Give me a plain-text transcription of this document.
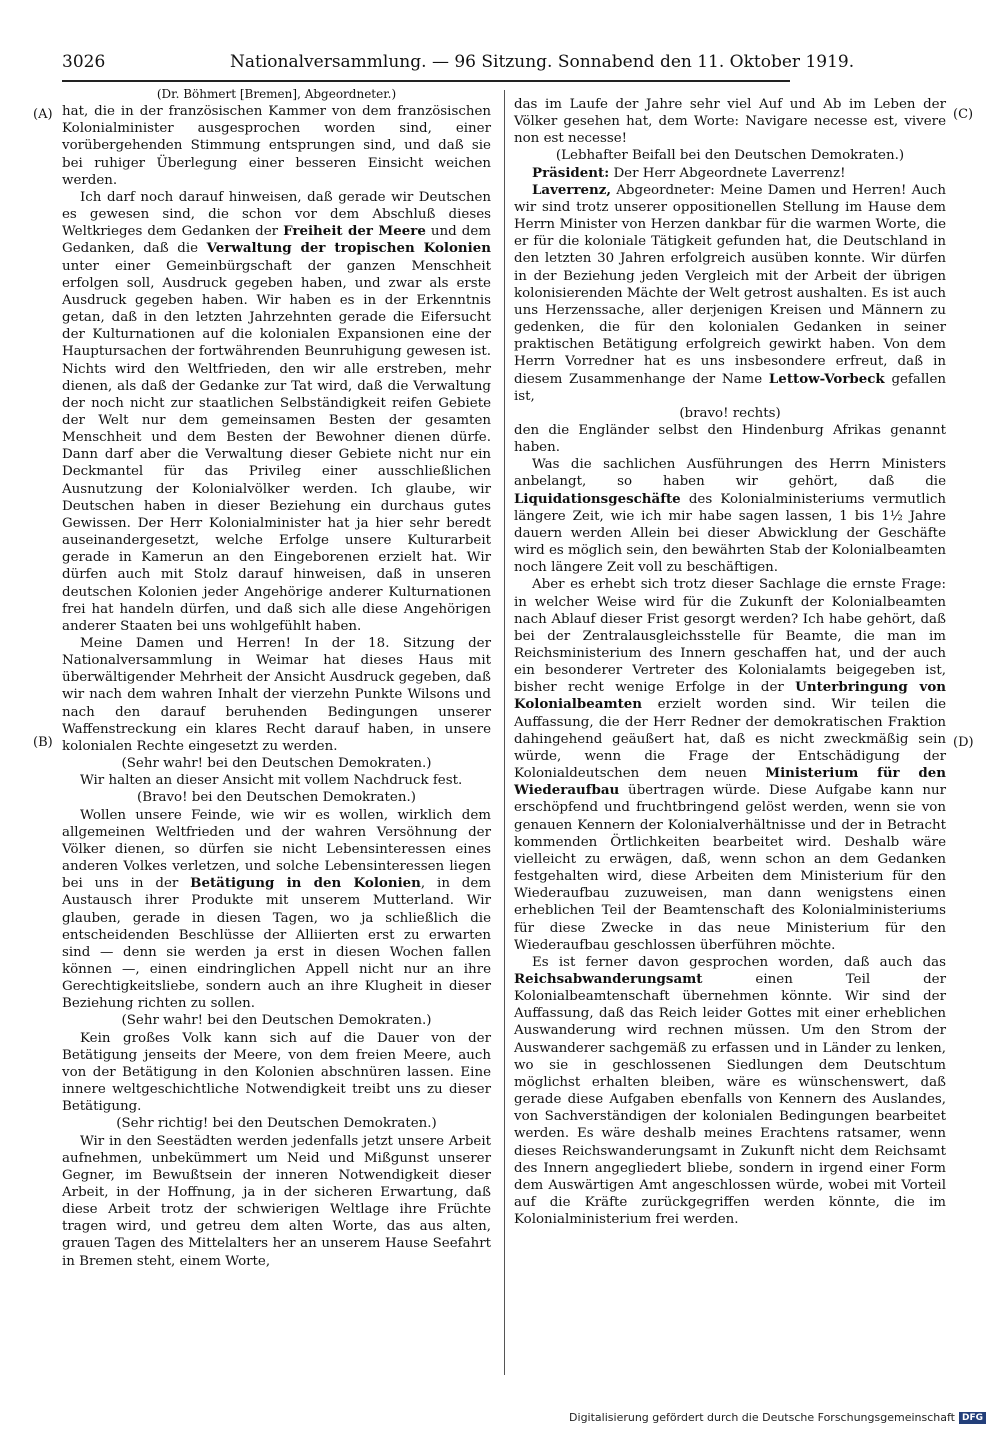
3026	Nationalversammlung. — 96 Sitzung. Sonnabend den 11. Oktober 1919.
(A)
(B)
(C)
(D)

(Dr. Böhmert [Bremen], Abgeordneter.)

hat, die in der französischen Kammer von dem französischen Kolonialminister ausgesprochen worden sind, einer vorübergehenden Stimmung entsprungen sind, und daß sie bei ruhiger Überlegung einer besseren Einsicht weichen werden.

Ich darf noch darauf hinweisen, daß gerade wir Deutschen es gewesen sind, die schon vor dem Abschluß dieses Weltkrieges dem Gedanken der Freiheit der Meere und dem Gedanken, daß die Verwaltung der tropischen Kolonien unter einer Gemeinbürgschaft der ganzen Menschheit erfolgen soll, Ausdruck gegeben haben, und zwar als erste Ausdruck gegeben haben. Wir haben es in der Erkenntnis getan, daß in den letzten Jahrzehnten gerade die Eifersucht der Kulturnationen auf die kolonialen Expansionen eine der Hauptursachen der fortwährenden Beunruhigung gewesen ist. Nichts wird den Weltfrieden, den wir alle erstreben, mehr dienen, als daß der Gedanke zur Tat wird, daß die Verwaltung der noch nicht zur staatlichen Selbständigkeit reifen Gebiete der Welt nur dem gemeinsamen Besten der gesamten Menschheit und dem Besten der Bewohner dienen dürfe. Dann darf aber die Verwaltung dieser Gebiete nicht nur ein Deckmantel für das Privileg einer ausschließlichen Ausnutzung der Kolonialvölker werden. Ich glaube, wir Deutschen haben in dieser Beziehung ein durchaus gutes Gewissen. Der Herr Kolonialminister hat ja hier sehr beredt auseinandergesetzt, welche Erfolge unsere Kulturarbeit gerade in Kamerun an den Eingeborenen erzielt hat. Wir dürfen auch mit Stolz darauf hinweisen, daß in unseren deutschen Kolonien jeder Angehörige anderer Kulturnationen frei hat handeln dürfen, und daß sich alle diese Angehörigen anderer Staaten bei uns wohlgefühlt haben.

Meine Damen und Herren! In der 18. Sitzung der Nationalversammlung in Weimar hat dieses Haus mit überwältigender Mehrheit der Ansicht Ausdruck gegeben, daß wir nach dem wahren Inhalt der vierzehn Punkte Wilsons und nach den darauf beruhenden Bedingungen unserer Waffenstreckung ein klares Recht darauf haben, in unsere kolonialen Rechte eingesetzt zu werden.

(Sehr wahr! bei den Deutschen Demokraten.)

Wir halten an dieser Ansicht mit vollem Nachdruck fest.

(Bravo! bei den Deutschen Demokraten.)

Wollen unsere Feinde, wie wir es wollen, wirklich dem allgemeinen Weltfrieden und der wahren Versöhnung der Völker dienen, so dürfen sie nicht Lebensinteressen eines anderen Volkes verletzen, und solche Lebensinteressen liegen bei uns in der Betätigung in den Kolonien, in dem Austausch ihrer Produkte mit unserem Mutterland. Wir glauben, gerade in diesen Tagen, wo ja schließlich die entscheidenden Beschlüsse der Alliierten erst zu erwarten sind — denn sie werden ja erst in diesen Wochen fallen können —, einen eindringlichen Appell nicht nur an ihre Gerechtigkeitsliebe, sondern auch an ihre Klugheit in dieser Beziehung richten zu sollen.

(Sehr wahr! bei den Deutschen Demokraten.)

Kein großes Volk kann sich auf die Dauer von der Betätigung jenseits der Meere, von dem freien Meere, auch von der Betätigung in den Kolonien abschnüren lassen. Eine innere weltgeschichtliche Notwendigkeit treibt uns zu dieser Betätigung.

(Sehr richtig! bei den Deutschen Demokraten.)

Wir in den Seestädten werden jedenfalls jetzt unsere Arbeit aufnehmen, unbekümmert um Neid und Mißgunst unserer Gegner, im Bewußtsein der inneren Notwendigkeit dieser Arbeit, in der Hoffnung, ja in der sicheren Erwartung, daß diese Arbeit trotz der schwierigen Weltlage ihre Früchte tragen wird, und getreu dem alten Worte, das aus alten, grauen Tagen des Mittelalters her an unserem Hause Seefahrt in Bremen steht, einem Worte,

das im Laufe der Jahre sehr viel Auf und Ab im Leben der Völker gesehen hat, dem Worte: Navigare necesse est, vivere non est necesse!

(Lebhafter Beifall bei den Deutschen Demokraten.)

Präsident: Der Herr Abgeordnete Laverrenz!

Laverrenz, Abgeordneter: Meine Damen und Herren! Auch wir sind trotz unserer oppositionellen Stellung im Hause dem Herrn Minister von Herzen dankbar für die warmen Worte, die er für die koloniale Tätigkeit gefunden hat, die Deutschland in den letzten 30 Jahren erfolgreich ausüben konnte. Wir dürfen in der Beziehung jeden Vergleich mit der Arbeit der übrigen kolonisierenden Mächte der Welt getrost aushalten. Es ist auch uns Herzenssache, aller derjenigen Kreisen und Männern zu gedenken, die für den kolonialen Gedanken in seiner praktischen Betätigung erfolgreich gewirkt haben. Von dem Herrn Vorredner hat es uns insbesondere erfreut, daß in diesem Zusammenhange der Name Lettow-Vorbeck gefallen ist,

(bravo! rechts)

den die Engländer selbst den Hindenburg Afrikas genannt haben.

Was die sachlichen Ausführungen des Herrn Ministers anbelangt, so haben wir gehört, daß die Liquidationsgeschäfte des Kolonialministeriums vermutlich längere Zeit, wie ich mir habe sagen lassen, 1 bis 1½ Jahre dauern werden Allein bei dieser Abwicklung der Geschäfte wird es möglich sein, den bewährten Stab der Kolonialbeamten noch längere Zeit voll zu beschäftigen.

Aber es erhebt sich trotz dieser Sachlage die ernste Frage: in welcher Weise wird für die Zukunft der Kolonialbeamten nach Ablauf dieser Frist gesorgt werden? Ich habe gehört, daß bei der Zentralausgleichsstelle für Beamte, die man im Reichsministerium des Innern geschaffen hat, und der auch ein besonderer Vertreter des Kolonialamts beigegeben ist, bisher recht wenige Erfolge in der Unterbringung von Kolonialbeamten erzielt worden sind. Wir teilen die Auffassung, die der Herr Redner der demokratischen Fraktion dahingehend geäußert hat, daß es nicht zweckmäßig sein würde, wenn die Frage der Entschädigung der Kolonialdeutschen dem neuen Ministerium für den Wiederaufbau übertragen würde. Diese Aufgabe kann nur erschöpfend und fruchtbringend gelöst werden, wenn sie von genauen Kennern der Kolonialverhältnisse und der in Betracht kommenden Örtlichkeiten bearbeitet wird. Deshalb wäre vielleicht zu erwägen, daß, wenn schon an dem Gedanken festgehalten wird, diese Arbeiten dem Ministerium für den Wiederaufbau zuzuweisen, man dann wenigstens einen erheblichen Teil der Beamtenschaft des Kolonialministeriums für diese Zwecke in das neue Ministerium für den Wiederaufbau geschlossen überführen möchte.

Es ist ferner davon gesprochen worden, daß auch das Reichsabwanderungsamt einen Teil der Kolonialbeamtenschaft übernehmen könnte. Wir sind der Auffassung, daß das Reich leider Gottes mit einer erheblichen Auswanderung wird rechnen müssen. Um den Strom der Auswanderer sachgemäß zu erfassen und in Länder zu lenken, wo sie in geschlossenen Siedlungen dem Deutschtum möglichst erhalten bleiben, wäre es wünschenswert, daß gerade diese Aufgaben ebenfalls von Kennern des Auslandes, von Sachverständigen der kolonialen Bedingungen bearbeitet werden. Es wäre deshalb meines Erachtens ratsamer, wenn dieses Reichswanderungsamt in Zukunft nicht dem Reichsamt des Innern angegliedert bliebe, sondern in irgend einer Form dem Auswärtigen Amt angeschlossen würde, wobei mit Vorteil auf die Kräfte zurückgegriffen werden könnte, die im Kolonialministerium frei werden.

Digitalisierung gefördert durch die Deutsche Forschungsgemeinschaft DFG
